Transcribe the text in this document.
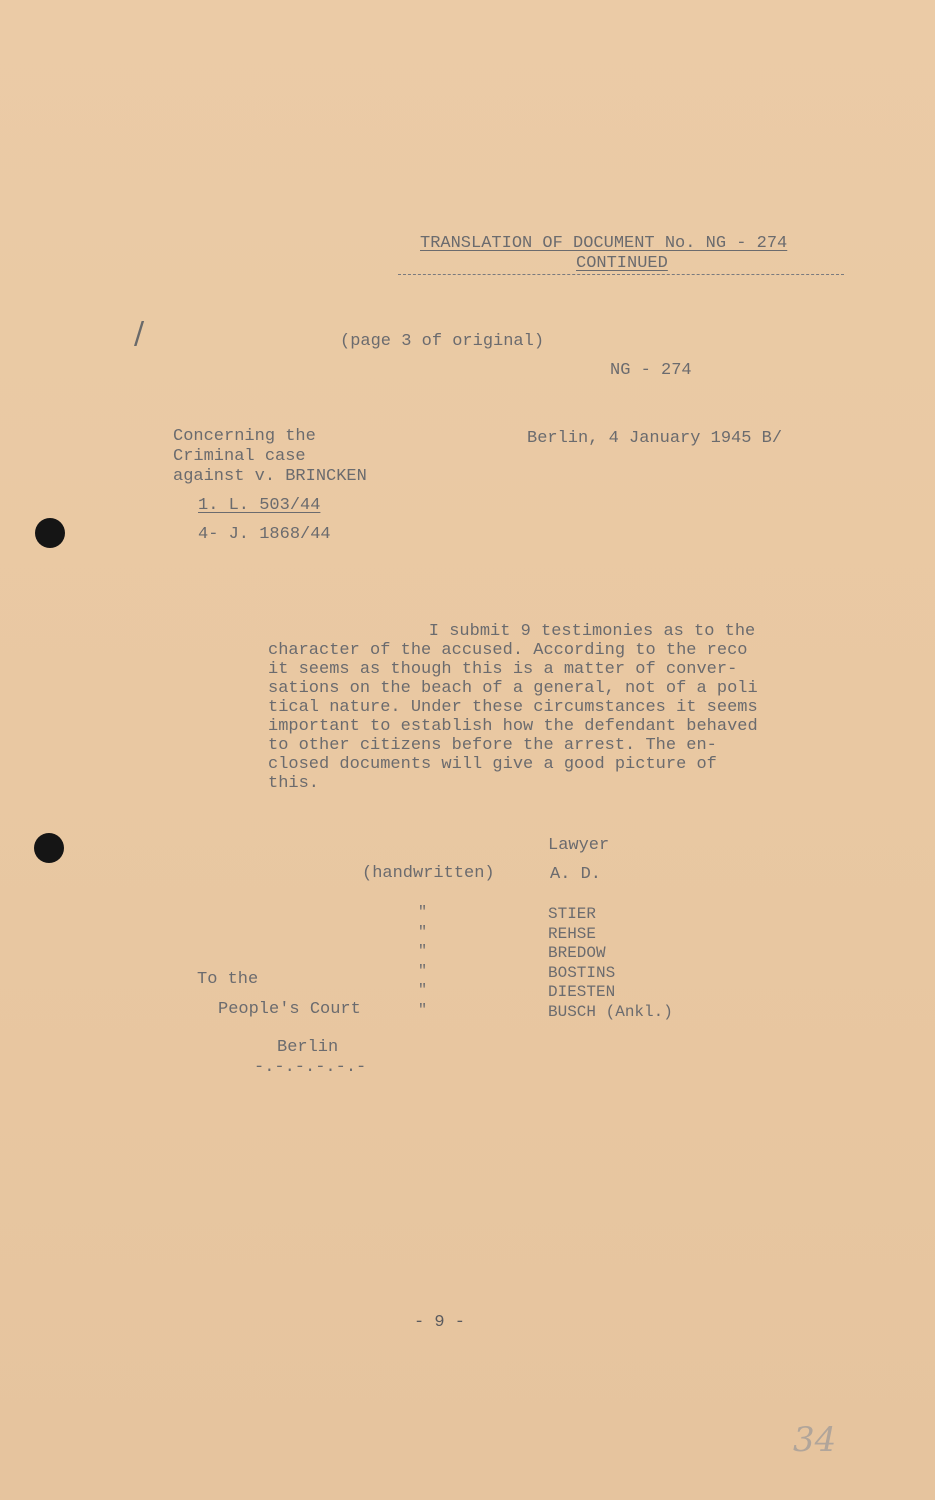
/
TRANSLATION OF DOCUMENT No. NG - 274
CONTINUED
(page 3 of original)
NG - 274
Concerning the
Criminal case
against v. BRINCKEN
1. L. 503/44
4- J. 1868/44
Berlin, 4 January 1945 B/
I submit 9 testimonies as to the
character of the accused. According to the reco
it seems as though this is a matter of conver-
sations on the beach of a general, not of a poli
tical nature. Under these circumstances it seems
important to establish how the defendant behaved
to other citizens before the arrest. The en-
closed documents will give a good picture of
this.
Lawyer
(handwritten)	A. D.
"
"
"
"
"
"
STIER
REHSE
BREDOW
BOSTINS
DIESTEN
BUSCH (Ankl.)
To the
People's Court
Berlin
-.-.-.-.-.-
- 9 -
34
